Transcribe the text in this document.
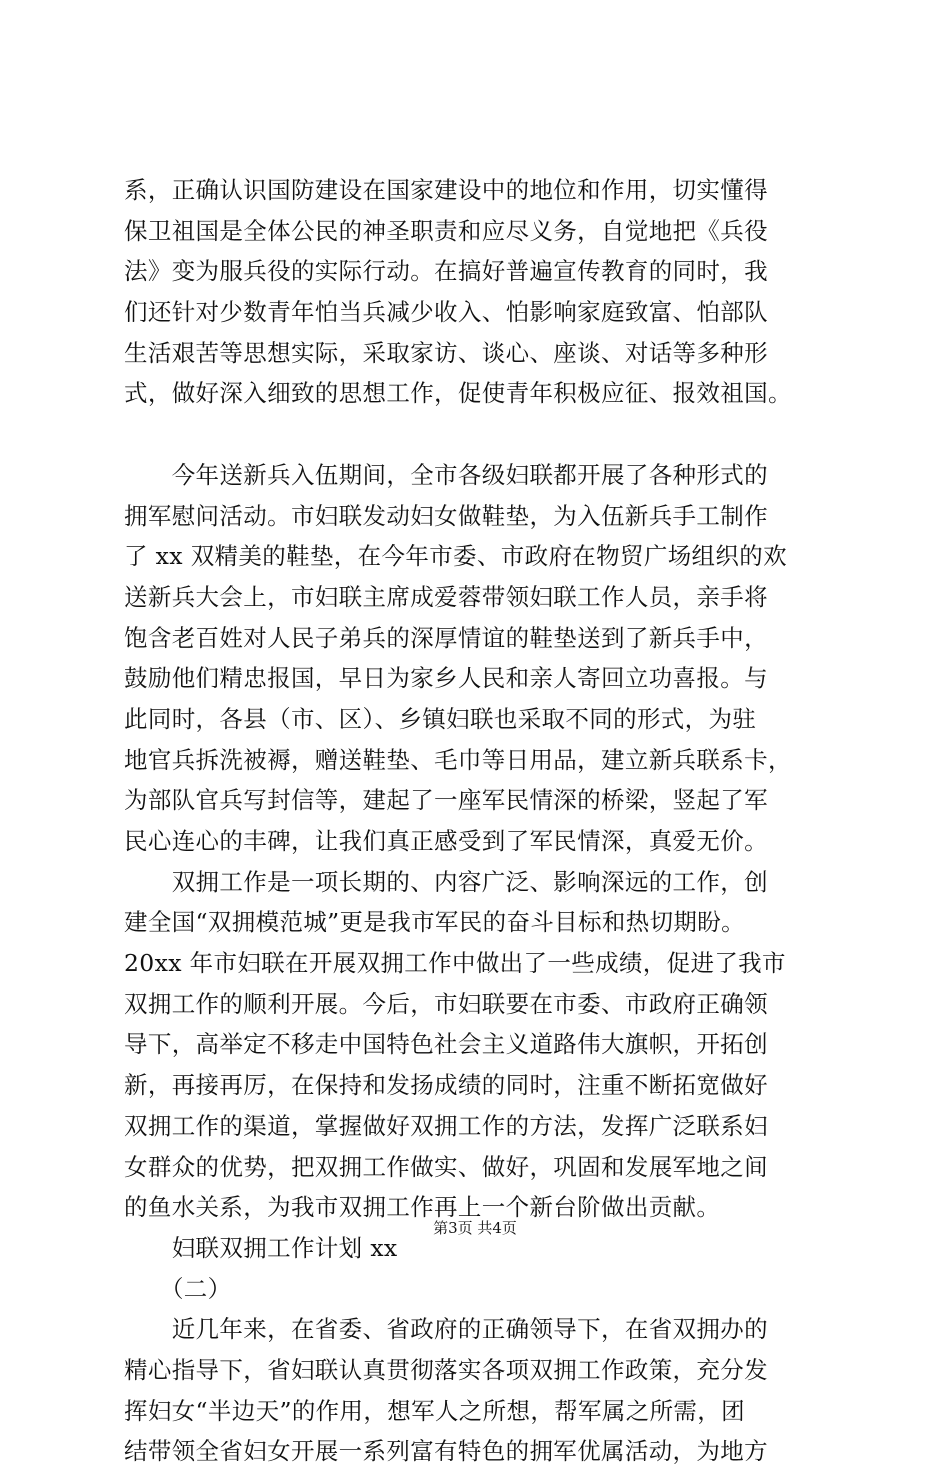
系，正确认识国防建设在国家建设中的地位和作用，切实懂得
保卫祖国是全体公民的神圣职责和应尽义务，自觉地把《兵役
法》变为服兵役的实际行动。在搞好普遍宣传教育的同时，我
们还针对少数青年怕当兵减少收入、怕影响家庭致富、怕部队
生活艰苦等思想实际，采取家访、谈心、座谈、对话等多种形
式，做好深入细致的思想工作，促使青年积极应征、报效祖国。
　　今年送新兵入伍期间，全市各级妇联都开展了各种形式的
拥军慰问活动。市妇联发动妇女做鞋垫，为入伍新兵手工制作
了 xx 双精美的鞋垫，在今年市委、市政府在物贸广场组织的欢
送新兵大会上，市妇联主席成爱蓉带领妇联工作人员，亲手将
饱含老百姓对人民子弟兵的深厚情谊的鞋垫送到了新兵手中，
鼓励他们精忠报国，早日为家乡人民和亲人寄回立功喜报。与
此同时，各县（市、区）、乡镇妇联也采取不同的形式，为驻
地官兵拆洗被褥，赠送鞋垫、毛巾等日用品，建立新兵联系卡，
为部队官兵写封信等，建起了一座军民情深的桥梁，竖起了军
民心连心的丰碑，让我们真正感受到了军民情深，真爱无价。
　　双拥工作是一项长期的、内容广泛、影响深远的工作，创
建全国“双拥模范城”更是我市军民的奋斗目标和热切期盼。
20xx 年市妇联在开展双拥工作中做出了一些成绩，促进了我市
双拥工作的顺利开展。今后，市妇联要在市委、市政府正确领
导下，高举定不移走中国特色社会主义道路伟大旗帜，开拓创
新，再接再厉，在保持和发扬成绩的同时，注重不断拓宽做好
双拥工作的渠道，掌握做好双拥工作的方法，发挥广泛联系妇
女群众的优势，把双拥工作做实、做好，巩固和发展军地之间
的鱼水关系，为我市双拥工作再上一个新台阶做出贡献。
　　妇联双拥工作计划 xx
　　（二）
　　近几年来，在省委、省政府的正确领导下，在省双拥办的
精心指导下，省妇联认真贯彻落实各项双拥工作政策，充分发
挥妇女“半边天”的作用，想军人之所想，帮军属之所需，团
结带领全省妇女开展一系列富有特色的拥军优属活动，为地方
第3页 共4页
